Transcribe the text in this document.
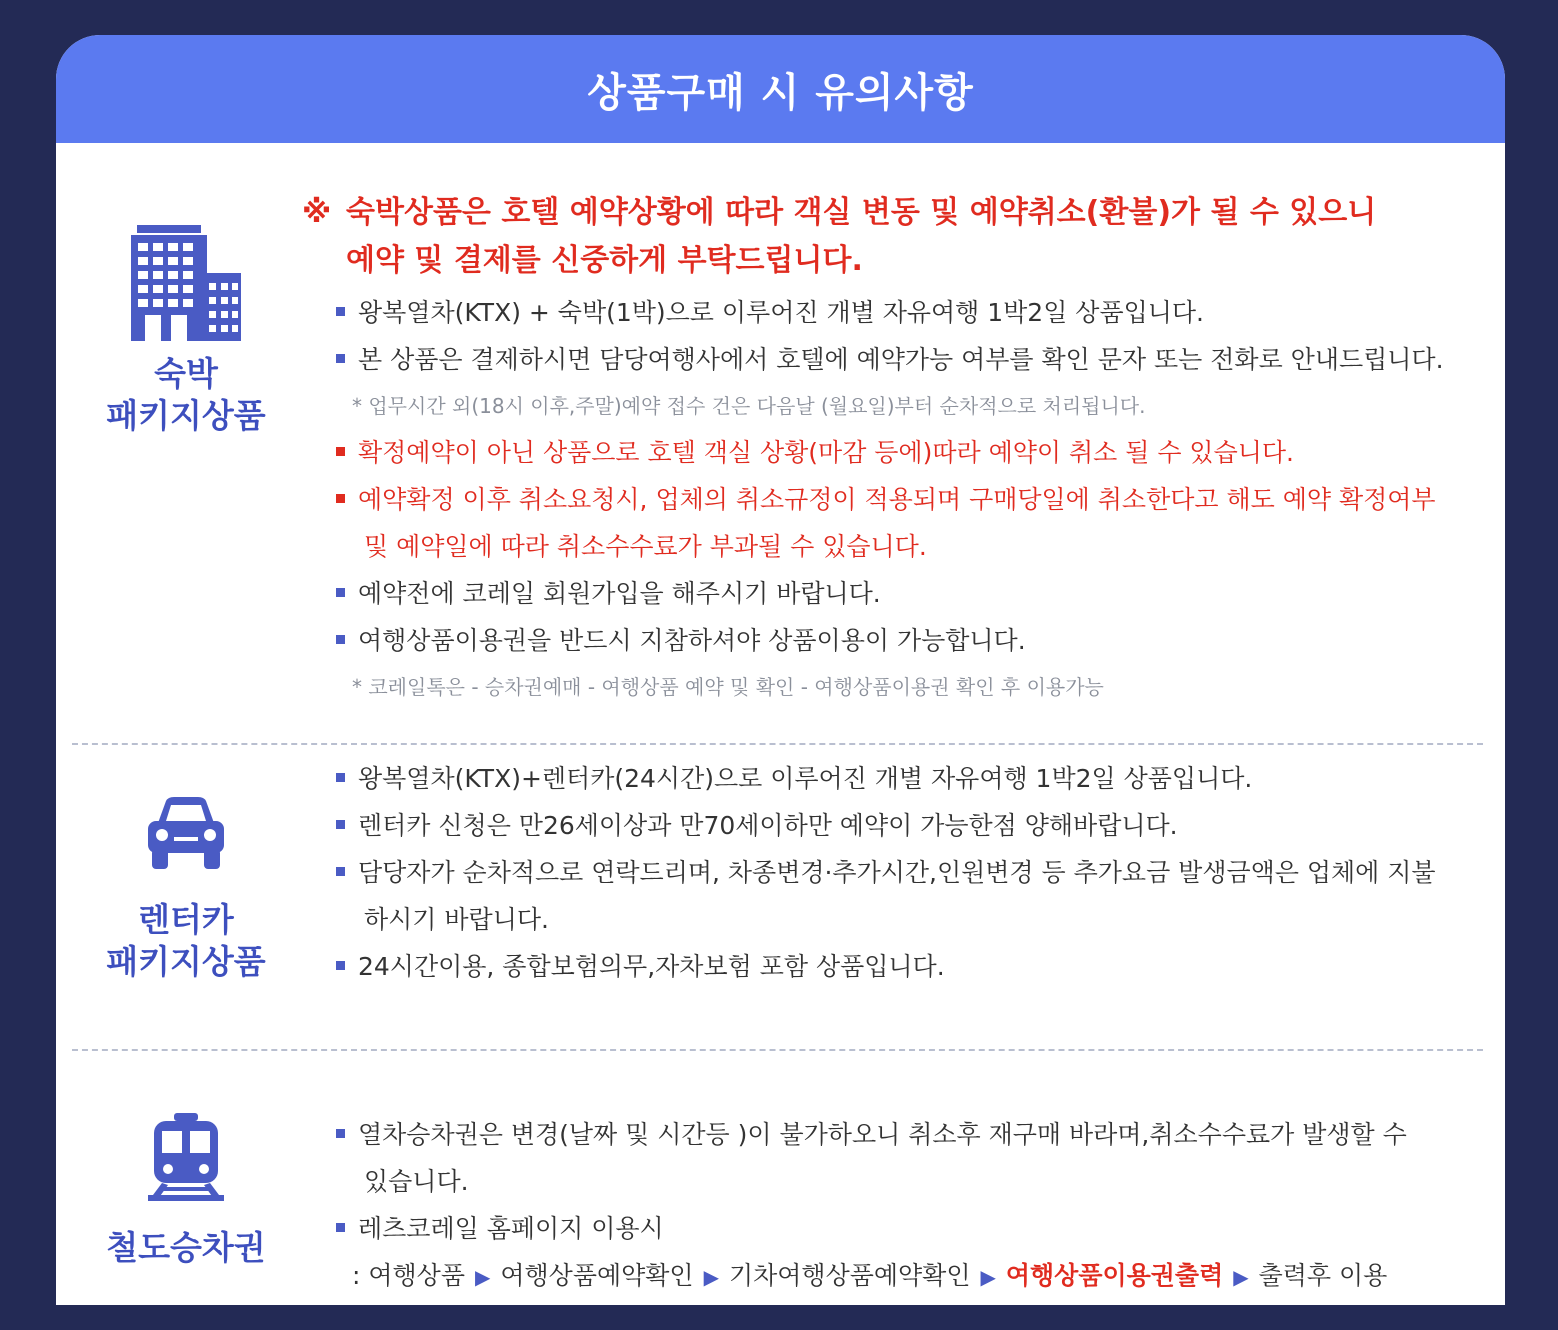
상품구매 시 유의사항
숙박
패키지상품
※ 숙박상품은 호텔 예약상황에 따라 객실 변동 및 예약취소(환불)가 될 수 있으니
예약 및 결제를 신중하게 부탁드립니다.
왕복열차(KTX) + 숙박(1박)으로 이루어진 개별 자유여행 1박2일 상품입니다.
본 상품은 결제하시면 담당여행사에서 호텔에 예약가능 여부를 확인 문자 또는 전화로 안내드립니다.
* 업무시간 외(18시 이후,주말)예약 접수 건은 다음날 (월요일)부터 순차적으로 처리됩니다.
확정예약이 아닌 상품으로 호텔 객실 상황(마감 등에)따라 예약이 취소 될 수 있습니다.
예약확정 이후 취소요청시, 업체의 취소규정이 적용되며 구매당일에 취소한다고 해도 예약 확정여부
및 예약일에 따라 취소수수료가 부과될 수 있습니다.
예약전에 코레일 회원가입을 해주시기 바랍니다.
여행상품이용권을 반드시 지참하셔야 상품이용이 가능합니다.
* 코레일톡은 - 승차권예매 - 여행상품 예약 및 확인 - 여행상품이용권 확인 후 이용가능
렌터카
패키지상품
왕복열차(KTX)+렌터카(24시간)으로 이루어진 개별 자유여행 1박2일 상품입니다.
렌터카 신청은 만26세이상과 만70세이하만 예약이 가능한점 양해바랍니다.
담당자가 순차적으로 연락드리며, 차종변경·추가시간,인원변경 등 추가요금 발생금액은 업체에 지불
하시기 바랍니다.
24시간이용, 종합보험의무,자차보험 포함 상품입니다.
철도승차권
열차승차권은 변경(날짜 및 시간등 )이 불가하오니 취소후 재구매 바라며,취소수수료가 발생할 수
있습니다.
레츠코레일 홈페이지 이용시
: 여행상품 ▶ 여행상품예약확인 ▶ 기차여행상품예약확인 ▶ 여행상품이용권출력 ▶ 출력후 이용
